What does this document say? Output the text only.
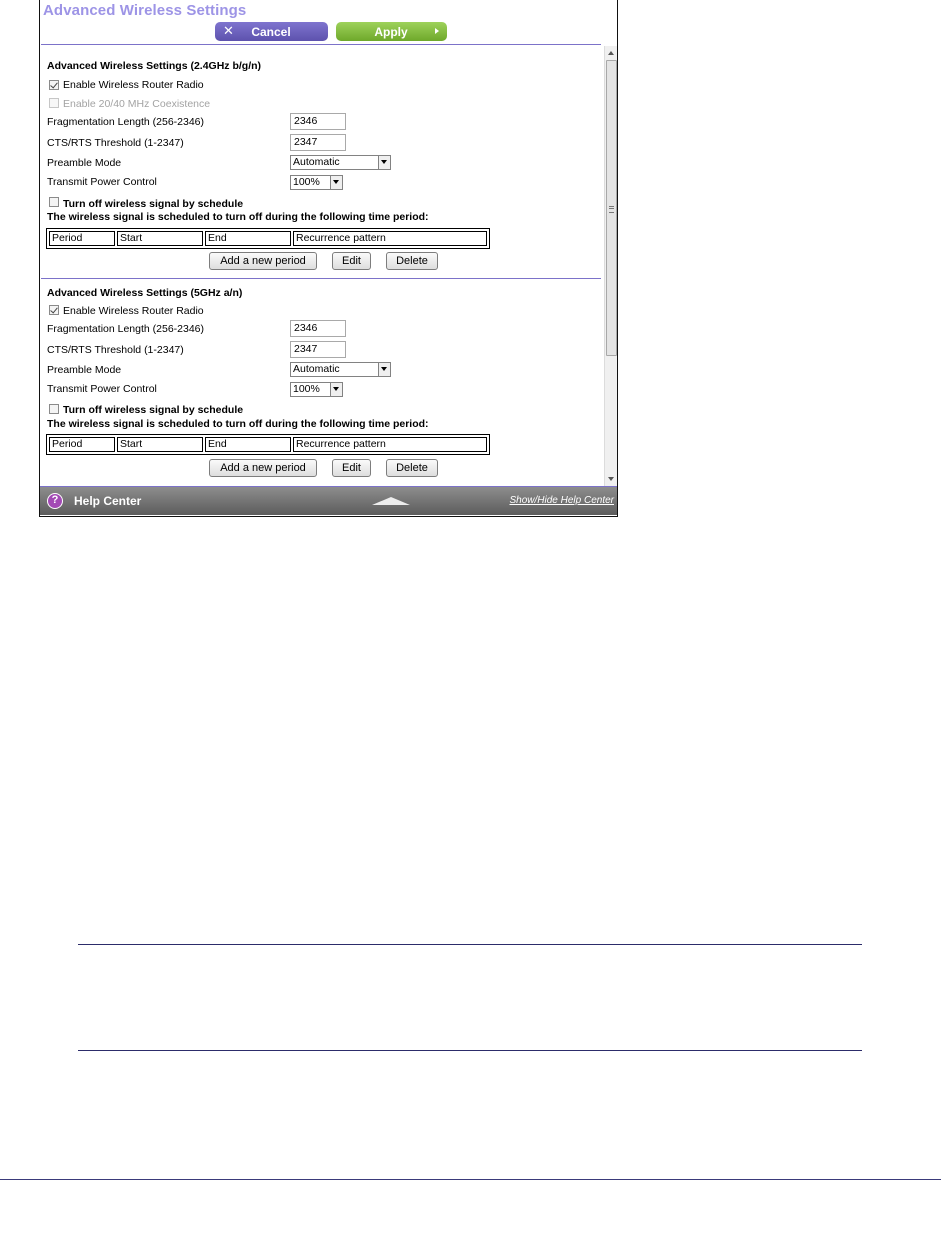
Advanced Wireless Settings
✕ Cancel	Apply
Advanced Wireless Settings (2.4GHz b/g/n)
Enable Wireless Router Radio
Enable 20/40 MHz Coexistence
Fragmentation Length (256-2346)	2346
CTS/RTS Threshold (1-2347)	2347
Preamble Mode	Automatic
Transmit Power Control	100%
Turn off wireless signal by schedule
The wireless signal is scheduled to turn off during the following time period:
Period	Start	End	Recurrence pattern
Add a new period	Edit	Delete
Advanced Wireless Settings (5GHz a/n)
Enable Wireless Router Radio
Fragmentation Length (256-2346)	2346
CTS/RTS Threshold (1-2347)	2347
Preamble Mode	Automatic
Transmit Power Control	100%
Turn off wireless signal by schedule
The wireless signal is scheduled to turn off during the following time period:
Period	Start	End	Recurrence pattern
Add a new period	Edit	Delete
?	Help Center	Show/Hide Help Center
